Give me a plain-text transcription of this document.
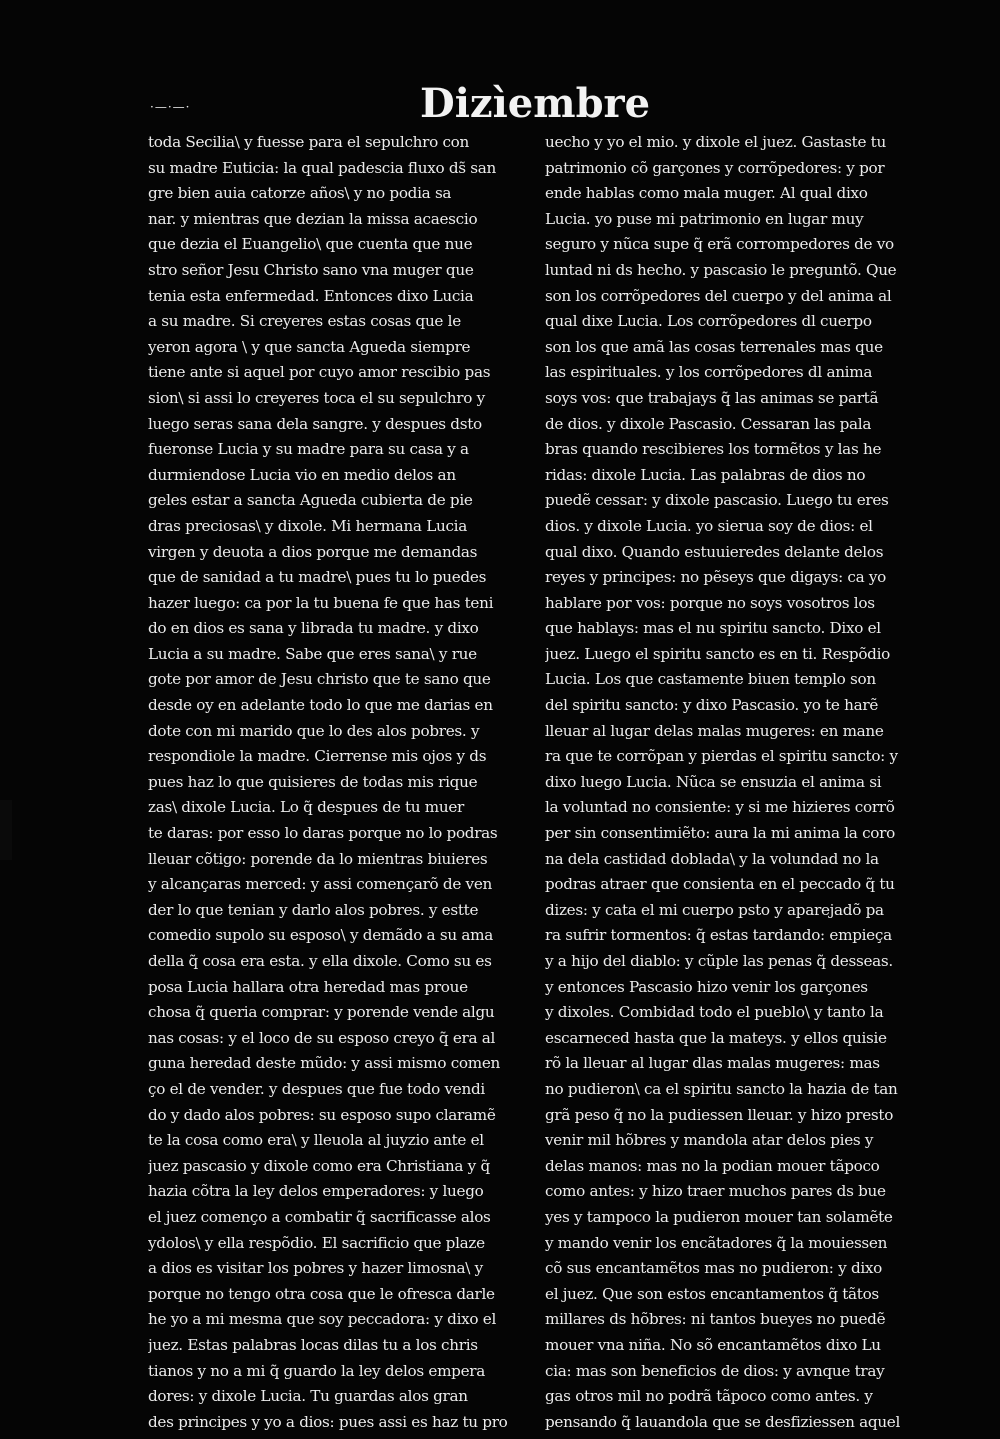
·—·—·	Dizìembre
toda Secilia\ y fuesse para el sepulchro con
su madre Euticia: la qual padescia fluxo ds̃ san
gre bien auia catorze años\ y no podia sa
nar. y mientras que dezian la missa acaescio
que dezia el Euangelio\ que cuenta que nue
stro señor Jesu Christo sano vna muger que
tenia esta enfermedad. Entonces dixo Lucia
a su madre. Si creyeres estas cosas que le
yeron agora \ y que sancta Agueda siempre
tiene ante si aquel por cuyo amor rescibio pas
sion\ si assi lo creyeres toca el su sepulchro y
luego seras sana dela sangre. y despues dsto
fueronse Lucia y su madre para su casa y a
durmiendose Lucia vio en medio delos an
geles estar a sancta Agueda cubierta de pie
dras preciosas\ y dixole. Mi hermana Lucia
virgen y deuota a dios porque me demandas
que de sanidad a tu madre\ pues tu lo puedes
hazer luego: ca por la tu buena fe que has teni
do en dios es sana y librada tu madre. y dixo
Lucia a su madre. Sabe que eres sana\ y rue
gote por amor de Jesu christo que te sano que
desde oy en adelante todo lo que me darias en
dote con mi marido que lo des alos pobres. y
respondiole la madre. Cierrense mis ojos y ds
pues haz lo que quisieres de todas mis rique
zas\ dixole Lucia. Lo q̃ despues de tu muer
te daras: por esso lo daras porque no lo podras
lleuar cõtigo: porende da lo mientras biuieres
y alcançaras merced: y assi començarõ de ven
der lo que tenian y darlo alos pobres. y estte
comedio supolo su esposo\ y demãdo a su ama
della q̃ cosa era esta. y ella dixole. Como su es
posa Lucia hallara otra heredad mas proue
chosa q̃ queria comprar: y porende vende algu
nas cosas: y el loco de su esposo creyo q̃ era al
guna heredad deste mũdo: y assi mismo comen
ço el de vender. y despues que fue todo vendi
do y dado alos pobres: su esposo supo claramẽ
te la cosa como era\ y lleuola al juyzio ante el
juez pascasio y dixole como era Christiana y q̃
hazia cõtra la ley delos emperadores: y luego
el juez començo a combatir q̃ sacrificasse alos
ydolos\ y ella respõdio. El sacrificio que plaze
a dios es visitar los pobres y hazer limosna\ y
porque no tengo otra cosa que le ofresca darle
he yo a mi mesma que soy peccadora: y dixo el
juez. Estas palabras locas dilas tu a los chris
tianos y no a mi q̃ guardo la ley delos empera
dores: y dixole Lucia. Tu guardas alos gran
des principes y yo a dios: pues assi es haz tu pro
uecho y yo el mio. y dixole el juez. Gastaste tu
patrimonio cõ garçones y corrõpedores: y por
ende hablas como mala muger. Al qual dixo
Lucia. yo puse mi patrimonio en lugar muy
seguro y nũca supe q̃ erã corrompedores de vo
luntad ni ds hecho. y pascasio le preguntõ. Que
son los corrõpedores del cuerpo y del anima al
qual dixe Lucia. Los corrõpedores dl cuerpo
son los que amã las cosas terrenales mas que
las espirituales. y los corrõpedores dl anima
soys vos: que trabajays q̃ las animas se partã
de dios. y dixole Pascasio. Cessaran las pala
bras quando rescibieres los tormẽtos y las he
ridas: dixole Lucia. Las palabras de dios no
puedẽ cessar: y dixole pascasio. Luego tu eres
dios. y dixole Lucia. yo sierua soy de dios: el
qual dixo. Quando estuuieredes delante delos
reyes y principes: no pẽseys que digays: ca yo
hablare por vos: porque no soys vosotros los
que hablays: mas el nu spiritu sancto. Dixo el
juez. Luego el spiritu sancto es en ti. Respõdio
Lucia. Los que castamente biuen templo son
del spiritu sancto: y dixo Pascasio. yo te harẽ
lleuar al lugar delas malas mugeres: en mane
ra que te corrõpan y pierdas el spiritu sancto: y
dixo luego Lucia. Nũca se ensuzia el anima si
la voluntad no consiente: y si me hizieres corrõ
per sin consentimiẽto: aura la mi anima la coro
na dela castidad doblada\ y la volundad no la
podras atraer que consienta en el peccado q̃ tu
dizes: y cata el mi cuerpo psto y aparejadõ pa
ra sufrir tormentos: q̃ estas tardando: empieça
y a hijo del diablo: y cũple las penas q̃ desseas.
y entonces Pascasio hizo venir los garçones
y dixoles. Combidad todo el pueblo\ y tanto la
escarneced hasta que la mateys. y ellos quisie
rõ la lleuar al lugar dlas malas mugeres: mas
no pudieron\ ca el spiritu sancto la hazia de tan
grã peso q̃ no la pudiessen lleuar. y hizo presto
venir mil hõbres y mandola atar delos pies y
delas manos: mas no la podian mouer tãpoco
como antes: y hizo traer muchos pares ds bue
yes y tampoco la pudieron mouer tan solamẽte
y mando venir los encãtadores q̃ la mouiessen
cõ sus encantamẽtos mas no pudieron: y dixo
el juez. Que son estos encantamentos q̃ tãtos
millares ds hõbres: ni tantos bueyes no puedẽ
mouer vna niña. No sõ encantamẽtos dixo Lu
cia: mas son beneficios de dios: y avnque tray
gas otros mil no podrã tãpoco como antes. y
pensando q̃ lauandola que se desfiziessen aquel
